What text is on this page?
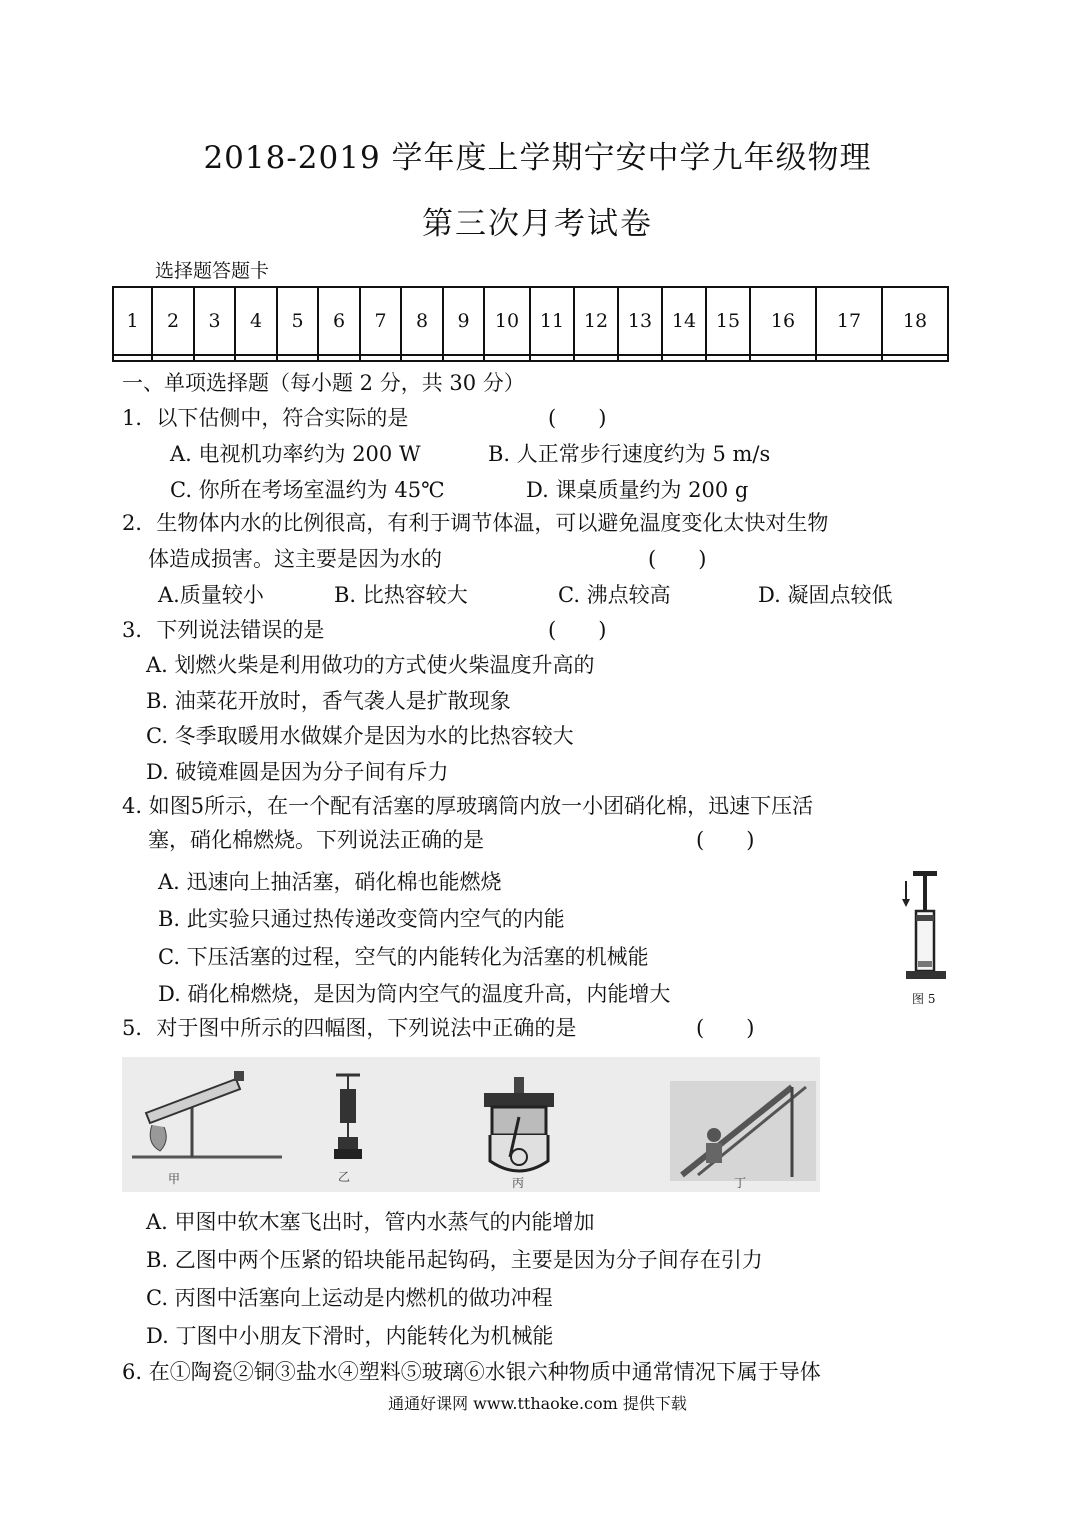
2018-2019 学年度上学期宁安中学九年级物理
第三次月考试卷
选择题答题卡
1	2	3	4	5	6	7	8	9	10	11	12	13	14	15	16	17	18

一、单项选择题（每小题 2 分，共 30 分）
1．以下估侧中，符合实际的是	(　　)
A. 电视机功率约为 200 W	B. 人正常步行速度约为 5 m/s
C. 你所在考场室温约为 45℃	D. 课桌质量约为 200 g
2．生物体内水的比例很高，有利于调节体温，可以避免温度变化太快对生物
体造成损害。这主要是因为水的	(　　)
A.质量较小	B. 比热容较大	C. 沸点较高	D. 凝固点较低
3．下列说法错误的是	(　　)
A. 划燃火柴是利用做功的方式使火柴温度升高的
B. 油菜花开放时，香气袭人是扩散现象
C. 冬季取暖用水做媒介是因为水的比热容较大
D. 破镜难圆是因为分子间有斥力
4. 如图5所示，在一个配有活塞的厚玻璃筒内放一小团硝化棉，迅速下压活
塞，硝化棉燃烧。下列说法正确的是	(　　)
A. 迅速向上抽活塞，硝化棉也能燃烧
B. 此实验只通过热传递改变筒内空气的内能
C. 下压活塞的过程，空气的内能转化为活塞的机械能
D. 硝化棉燃烧，是因为筒内空气的温度升高，内能增大	图 5
5．对于图中所示的四幅图，下列说法中正确的是	(　　)
甲	乙	丙	丁
A. 甲图中软木塞飞出时，管内水蒸气的内能增加
B. 乙图中两个压紧的铅块能吊起钩码，主要是因为分子间存在引力
C. 丙图中活塞向上运动是内燃机的做功冲程
D. 丁图中小朋友下滑时，内能转化为机械能
6. 在①陶瓷②铜③盐水④塑料⑤玻璃⑥水银六种物质中通常情况下属于导体
通通好课网 www.tthaoke.com 提供下载
